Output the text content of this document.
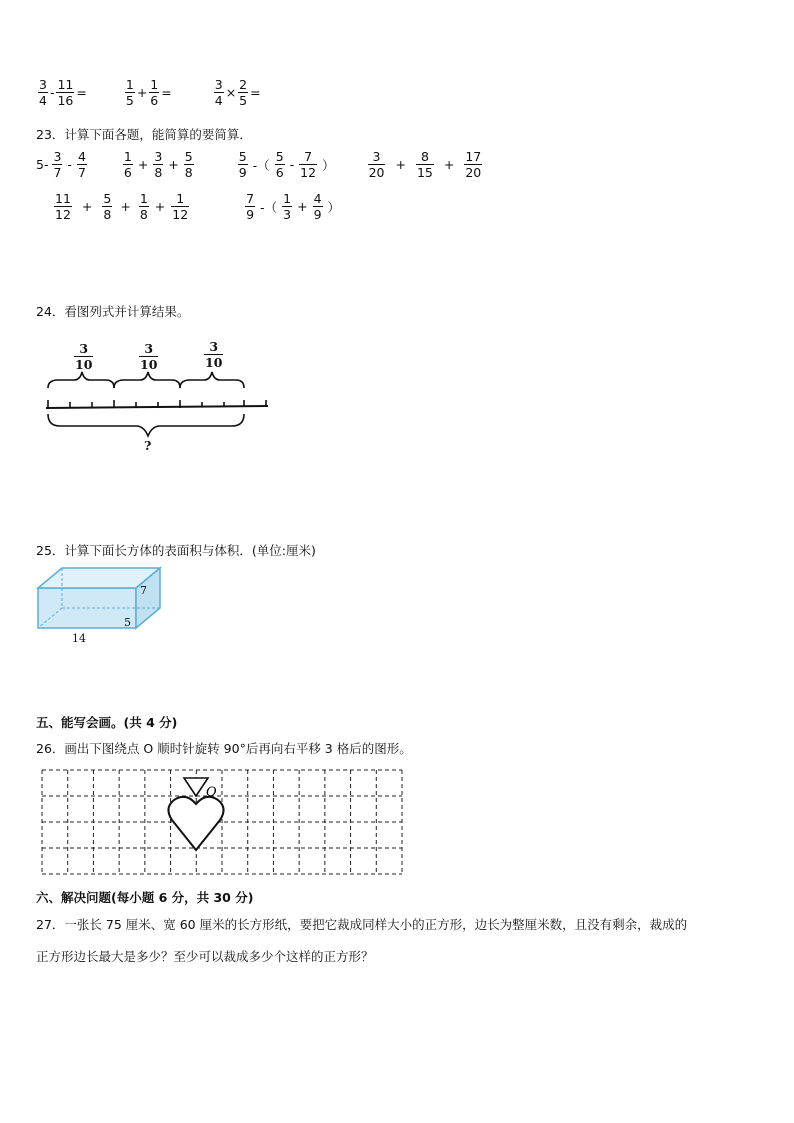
$\frac{3}{4} - \frac{11}{16}$ =	$\frac{1}{5} + \frac{1}{6}$ =	$\frac{3}{4} \times \frac{2}{5}$ =
23．计算下面各题，能简算的要简算．
$5- \frac{3}{7} - \frac{4}{7}$	$\frac{1}{6} + \frac{3}{8} + \frac{5}{8}$	$\frac{5}{9}$ -（ $\frac{5}{6} - \frac{7}{12}$ ）	$\frac{3}{20} + \frac{8}{15} + \frac{17}{20}$
$\frac{11}{12} + \frac{5}{8} + \frac{1}{8} + \frac{1}{12}$	$\frac{7}{9}$ -（ $\frac{1}{3} + \frac{4}{9}$ ）
24．看图列式并计算结果。
3
10
3
10
3
10
?
25．计算下面长方体的表面积与体积．(单位:厘米)
7
5
14
五、能写会画。(共 4 分)
26．画出下图绕点 O 顺时针旋转 90°后再向右平移 3 格后的图形。
O
六、解决问题(每小题 6 分，共 30 分)
27．一张长 75 厘米、宽 60 厘米的长方形纸，要把它裁成同样大小的正方形，边长为整厘米数，且没有剩余，裁成的
正方形边长最大是多少？至少可以裁成多少个这样的正方形？
